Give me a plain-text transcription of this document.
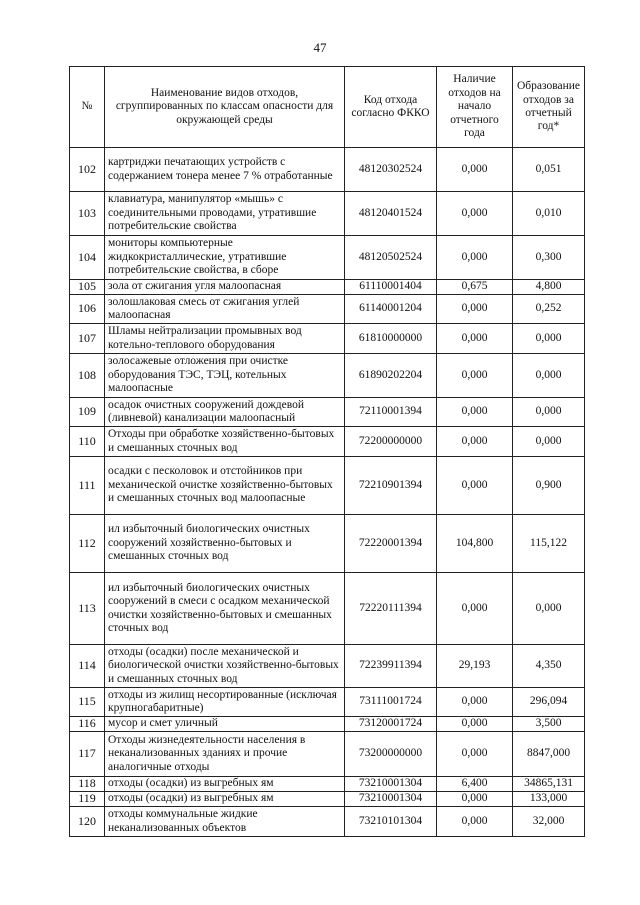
47
№	Наименование видов отходов, сгруппированных по классам опасности для окружающей среды	Код отхода согласно ФККО	Наличие отходов на начало отчетного года	Образование отходов за отчетный год*
102	картриджи печатающих устройств с содержанием тонера менее 7 % отработанные	48120302524	0,000	0,051
103	клавиатура, манипулятор «мышь» с соединительными проводами, утратившие потребительские свойства	48120401524	0,000	0,010
104	мониторы компьютерные жидкокристаллические, утратившие потребительские свойства, в сборе	48120502524	0,000	0,300
105	зола от сжигания угля малоопасная	61110001404	0,675	4,800
106	золошлаковая смесь от сжигания углей малоопасная	61140001204	0,000	0,252
107	Шламы нейтрализации промывных вод котельно-теплового оборудования	61810000000	0,000	0,000
108	золосажевые отложения при очистке оборудования ТЭС, ТЭЦ, котельных малоопасные	61890202204	0,000	0,000
109	осадок очистных сооружений дождевой (ливневой) канализации малоопасный	72110001394	0,000	0,000
110	Отходы при обработке хозяйственно-бытовых и смешанных сточных вод	72200000000	0,000	0,000
111	осадки с песколовок и отстойников при механической очистке хозяйственно-бытовых и смешанных сточных вод малоопасные	72210901394	0,000	0,900
112	ил избыточный биологических очистных сооружений хозяйственно-бытовых и смешанных сточных вод	72220001394	104,800	115,122
113	ил избыточный биологических очистных сооружений в смеси с осадком механической очистки хозяйственно-бытовых и смешанных сточных вод	72220111394	0,000	0,000
114	отходы (осадки) после механической и биологической очистки хозяйственно-бытовых и смешанных сточных вод	72239911394	29,193	4,350
115	отходы из жилищ несортированные (исключая крупногабаритные)	73111001724	0,000	296,094
116	мусор и смет уличный	73120001724	0,000	3,500
117	Отходы жизнедеятельности населения в неканализованных зданиях и прочие аналогичные отходы	73200000000	0,000	8847,000
118	отходы (осадки) из выгребных ям	73210001304	6,400	34865,131
119	отходы (осадки) из выгребных ям	73210001304	0,000	133,000
120	отходы коммунальные жидкие неканализованных объектов	73210101304	0,000	32,000
